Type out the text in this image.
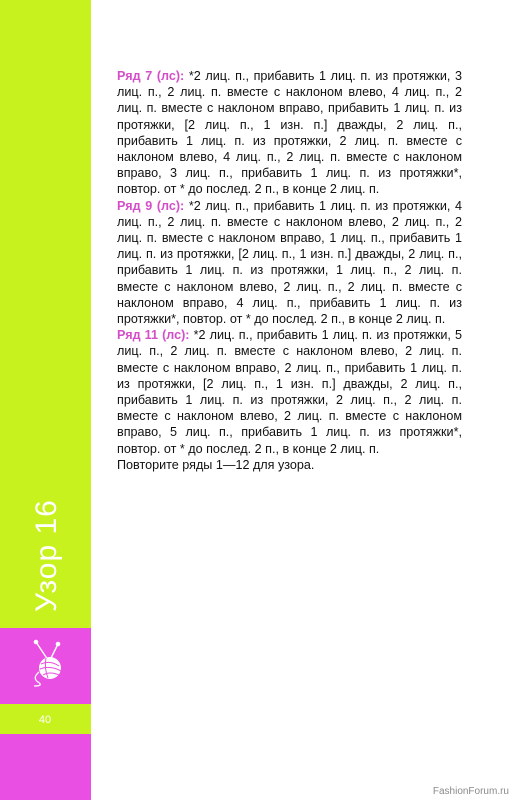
Узор 16
40

Ряд 7 (лс): *2 лиц. п., прибавить 1 лиц. п. из протяжки, 3 лиц. п., 2 лиц. п. вместе с наклоном влево, 4 лиц. п., 2 лиц. п. вместе с наклоном вправо, прибавить 1 лиц. п. из протяжки, [2 лиц. п., 1 изн. п.] дважды, 2 лиц. п., прибавить 1 лиц. п. из протяжки, 2 лиц. п. вместе с наклоном влево, 4 лиц. п., 2 лиц. п. вместе с наклоном вправо, 3 лиц. п., прибавить 1 лиц. п. из протяжки*, повтор. от * до послед. 2 п., в конце 2 лиц. п.

Ряд 9 (лс): *2 лиц. п., прибавить 1 лиц. п. из протяжки, 4 лиц. п., 2 лиц. п. вместе с наклоном влево, 2 лиц. п., 2 лиц. п. вместе с наклоном вправо, 1 лиц. п., прибавить 1 лиц. п. из протяжки, [2 лиц. п., 1 изн. п.] дважды, 2 лиц. п., прибавить 1 лиц. п. из протяжки, 1 лиц. п., 2 лиц. п. вместе с наклоном влево, 2 лиц. п., 2 лиц. п. вместе с наклоном вправо, 4 лиц. п., прибавить 1 лиц. п. из протяжки*, повтор. от * до послед. 2 п., в конце 2 лиц. п.

Ряд 11 (лс): *2 лиц. п., прибавить 1 лиц. п. из протяжки, 5 лиц. п., 2 лиц. п. вместе с наклоном влево, 2 лиц. п. вместе с наклоном вправо, 2 лиц. п., прибавить 1 лиц. п. из протяжки, [2 лиц. п., 1 изн. п.] дважды, 2 лиц. п., прибавить 1 лиц. п. из протяжки, 2 лиц. п., 2 лиц. п. вместе с наклоном влево, 2 лиц. п. вместе с наклоном вправо, 5 лиц. п., прибавить 1 лиц. п. из протяжки*, повтор. от * до послед. 2 п., в конце 2 лиц. п.

Повторите ряды 1—12 для узора.

FashionForum.ru
